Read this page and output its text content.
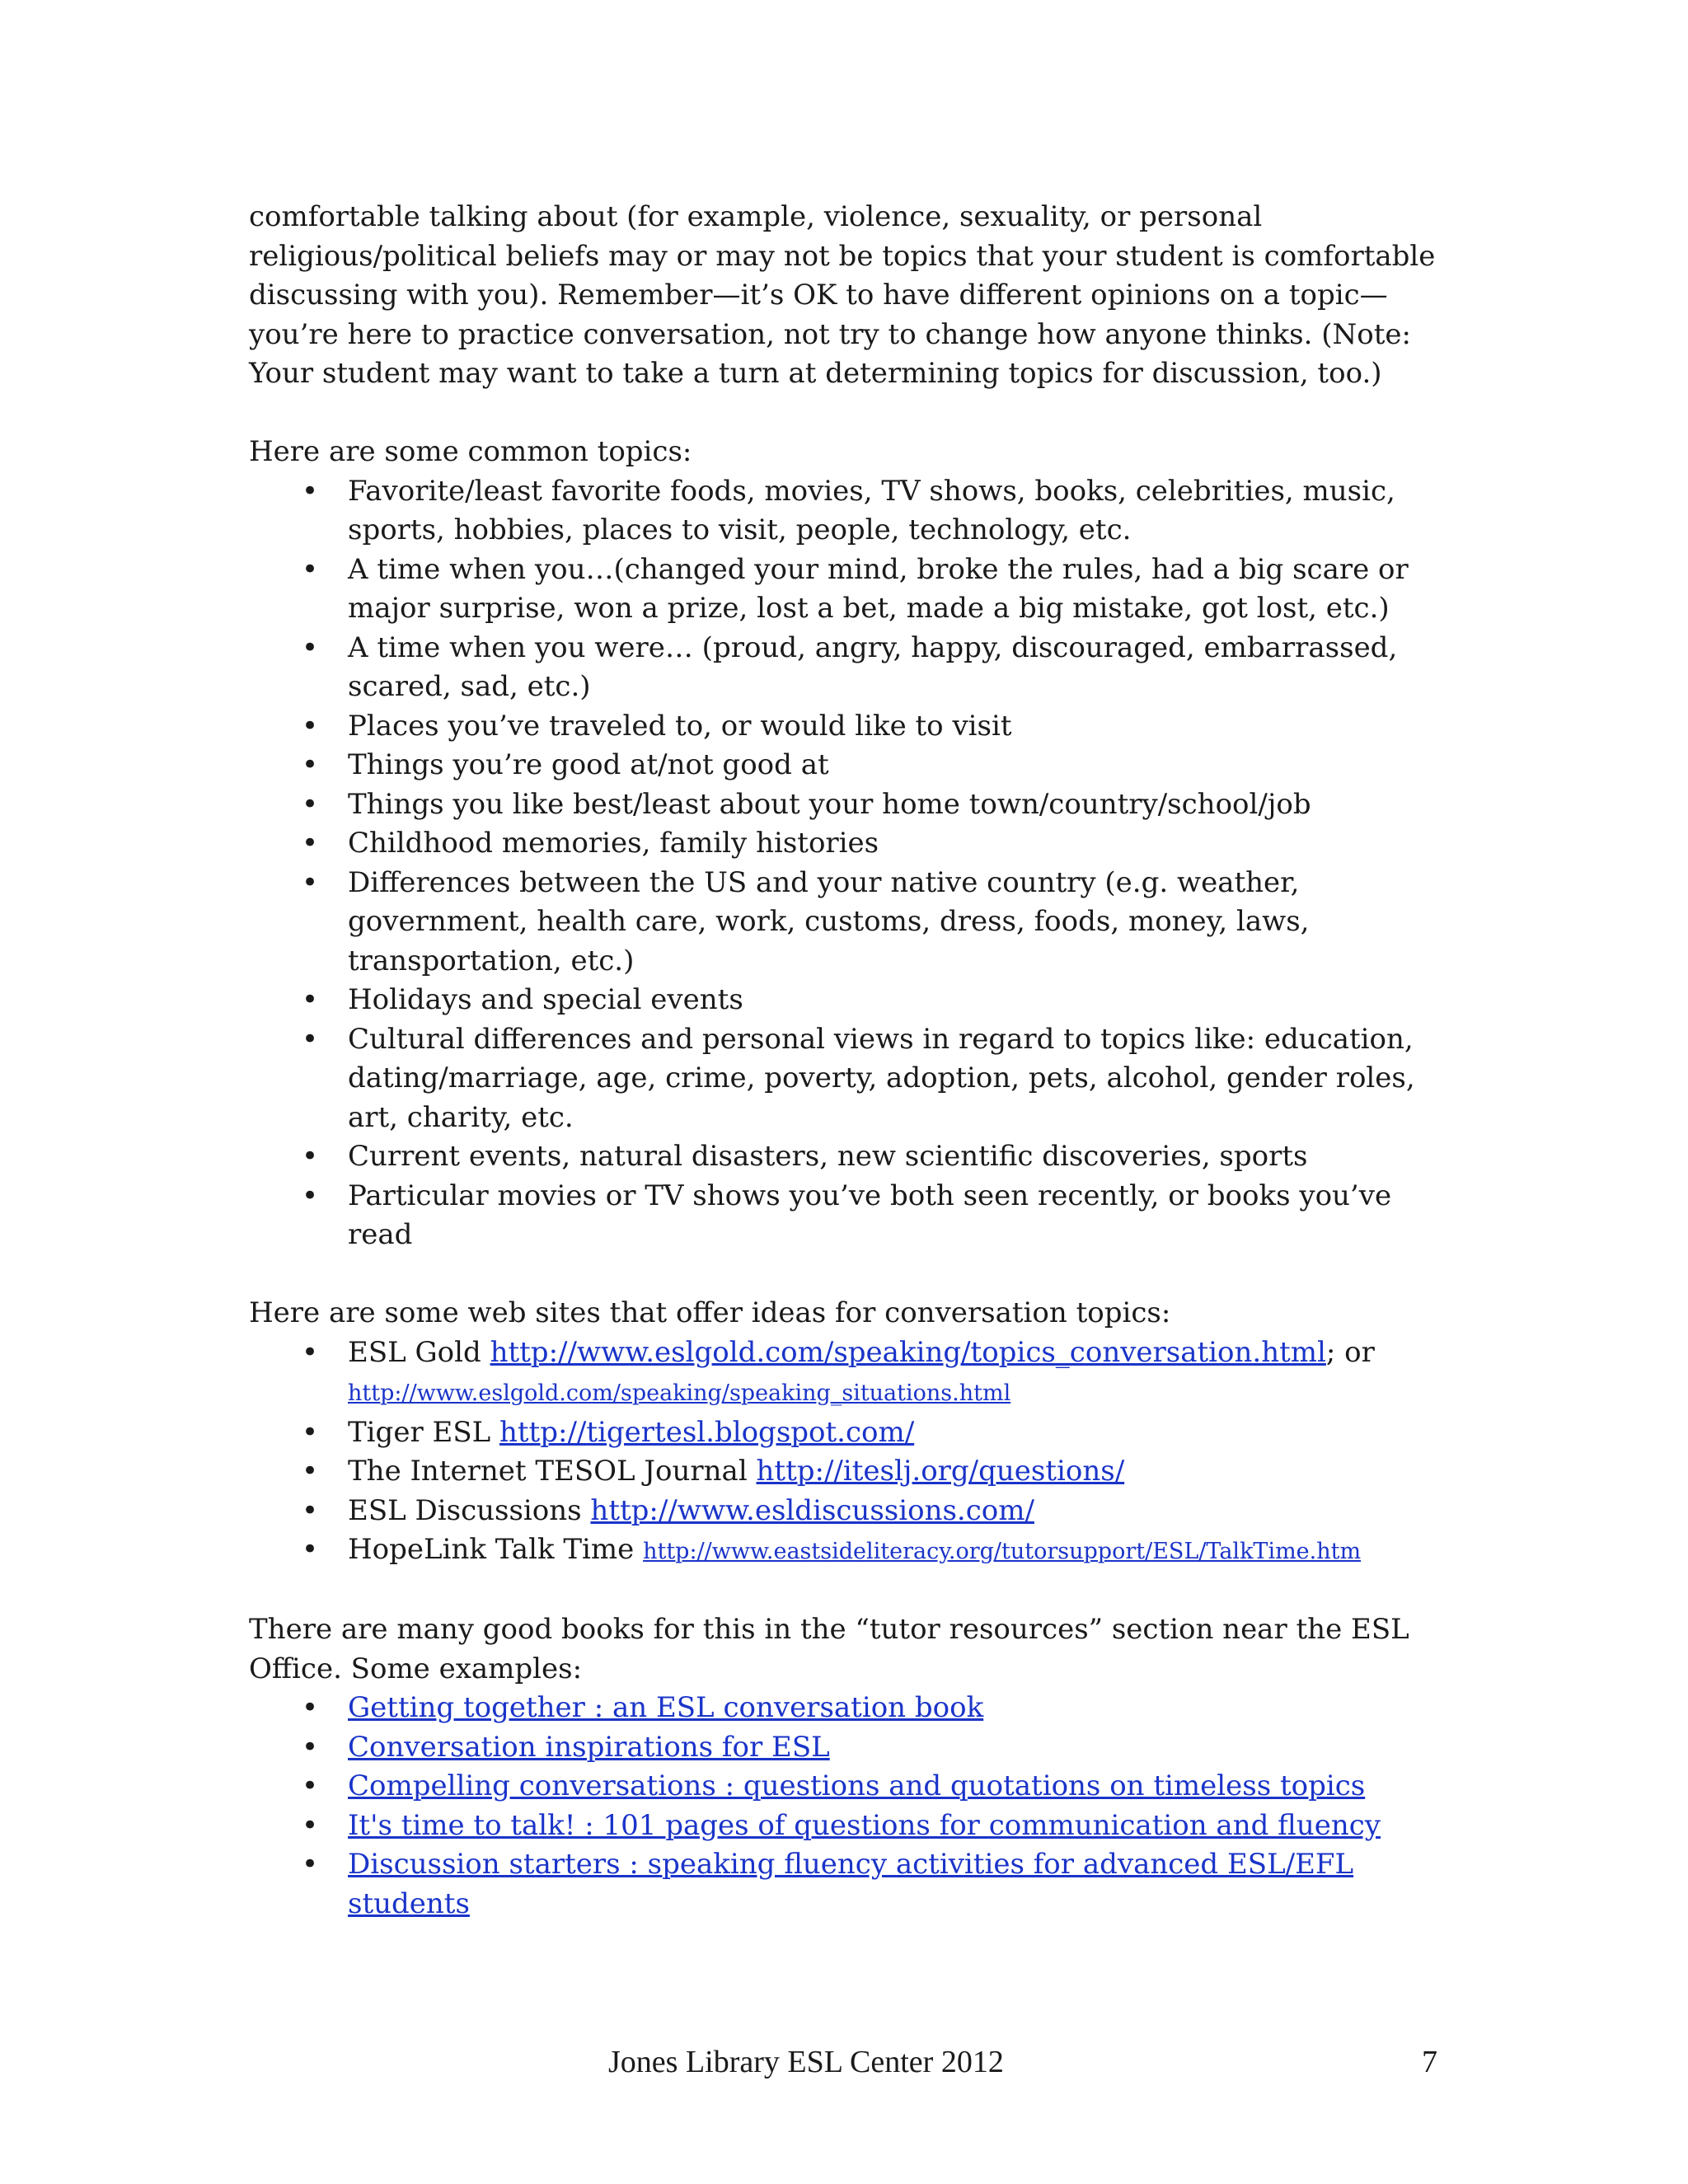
comfortable talking about (for example, violence, sexuality, or personal
religious/political beliefs may or may not be topics that your student is comfortable
discussing with you). Remember—it’s OK to have different opinions on a topic—
you’re here to practice conversation, not try to change how anyone thinks. (Note:
Your student may want to take a turn at determining topics for discussion, too.)

Here are some common topics:

• Favorite/least favorite foods, movies, TV shows, books, celebrities, music, sports, hobbies, places to visit, people, technology, etc.
• A time when you…(changed your mind, broke the rules, had a big scare or major surprise, won a prize, lost a bet, made a big mistake, got lost, etc.)
• A time when you were… (proud, angry, happy, discouraged, embarrassed, scared, sad, etc.)
• Places you’ve traveled to, or would like to visit
• Things you’re good at/not good at
• Things you like best/least about your home town/country/school/job
• Childhood memories, family histories
• Differences between the US and your native country (e.g. weather, government, health care, work, customs, dress, foods, money, laws, transportation, etc.)
• Holidays and special events
• Cultural differences and personal views in regard to topics like: education, dating/marriage, age, crime, poverty, adoption, pets, alcohol, gender roles, art, charity, etc.
• Current events, natural disasters, new scientific discoveries, sports
• Particular movies or TV shows you’ve both seen recently, or books you’ve read

Here are some web sites that offer ideas for conversation topics:

• ESL Gold http://www.eslgold.com/speaking/topics_conversation.html; or
http://www.eslgold.com/speaking/speaking_situations.html
• Tiger ESL http://tigertesl.blogspot.com/
• The Internet TESOL Journal http://iteslj.org/questions/
• ESL Discussions http://www.esldiscussions.com/
• HopeLink Talk Time http://www.eastsideliteracy.org/tutorsupport/ESL/TalkTime.htm

There are many good books for this in the “tutor resources” section near the ESL
Office. Some examples:

• Getting together : an ESL conversation book
• Conversation inspirations for ESL
• Compelling conversations : questions and quotations on timeless topics
• It's time to talk! : 101 pages of questions for communication and fluency
• Discussion starters : speaking fluency activities for advanced ESL/EFL students
Jones Library ESL Center 2012	7
